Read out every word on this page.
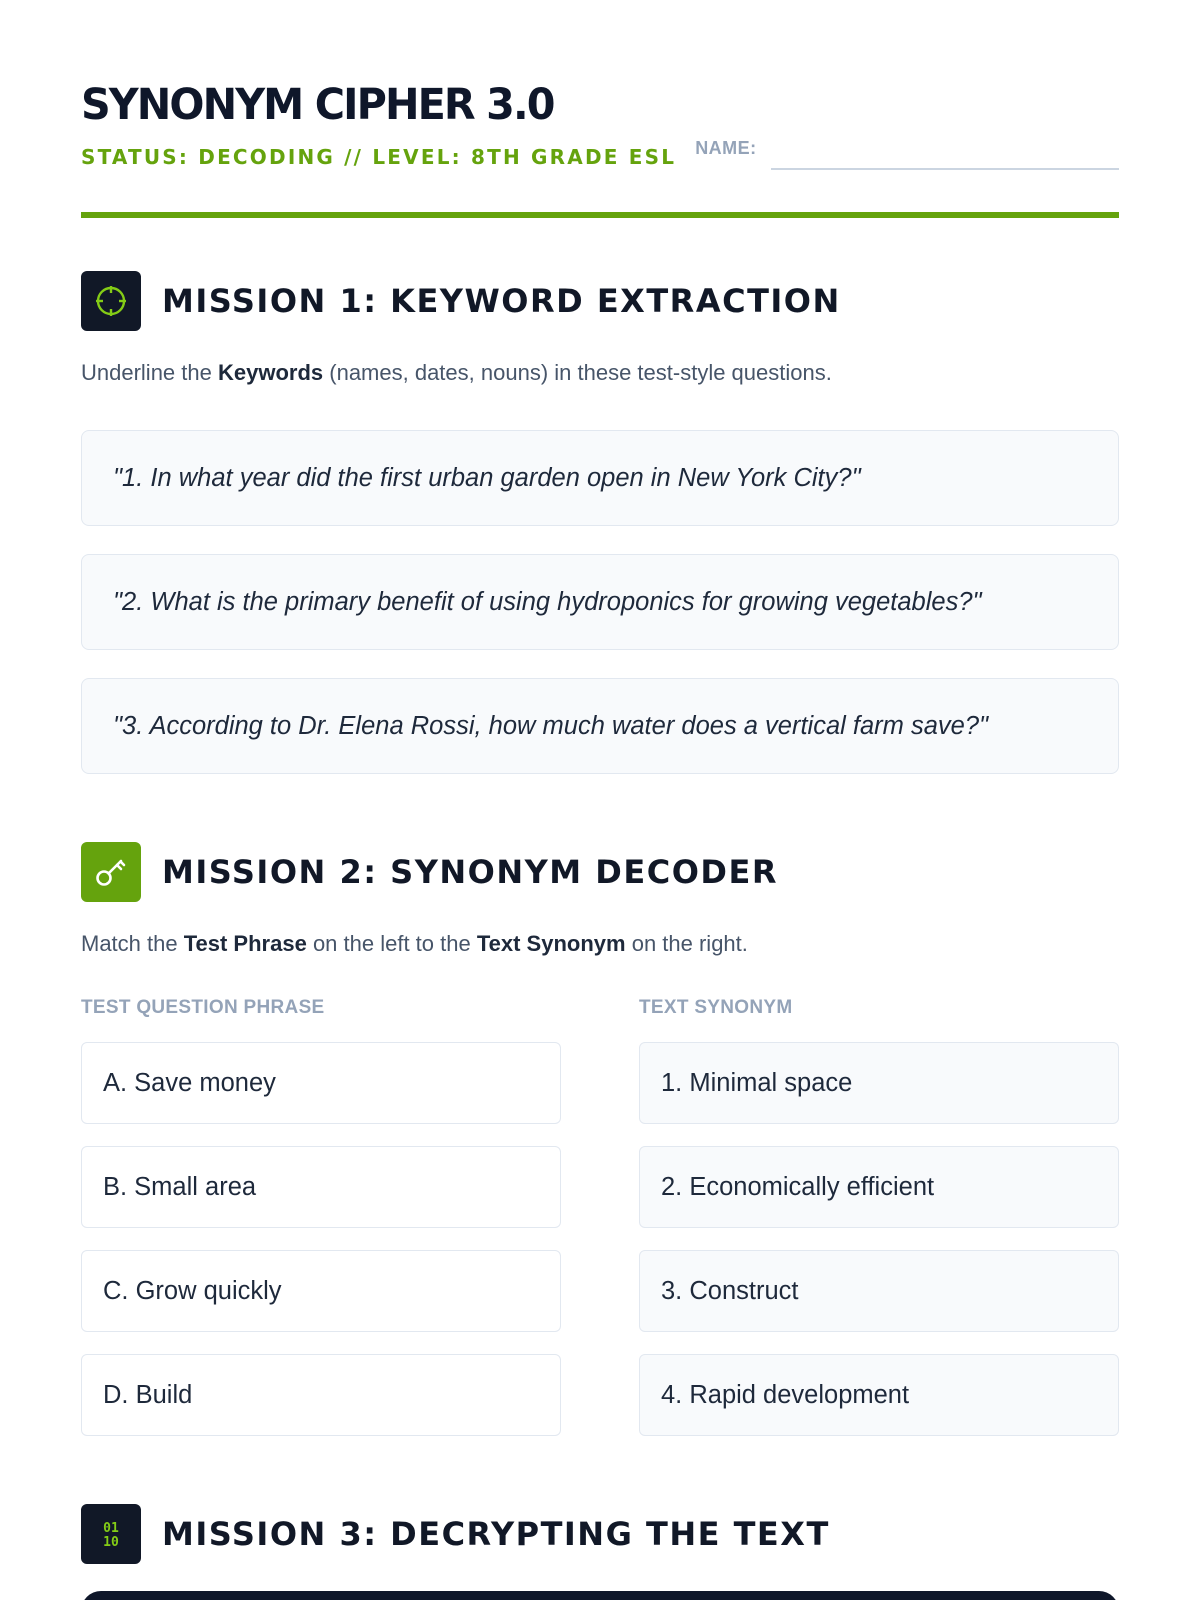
SYNONYM CIPHER 3.0
STATUS: DECODING // LEVEL: 8TH GRADE ESL NAME:
MISSION 1: KEYWORD EXTRACTION

Underline the Keywords (names, dates, nouns) in these test-style questions.

"1. In what year did the first urban garden open in New York City?"
"2. What is the primary benefit of using hydroponics for growing vegetables?"
"3. According to Dr. Elena Rossi, how much water does a vertical farm save?"
MISSION 2: SYNONYM DECODER

Match the Test Phrase on the left to the Text Synonym on the right.

TEST QUESTION PHRASE
A. Save money
B. Small area
C. Grow quickly
D. Build
TEXT SYNONYM
1. Minimal space
2. Economically efficient
3. Construct
4. Rapid development
01
10 MISSION 3: DECRYPTING THE TEXT
